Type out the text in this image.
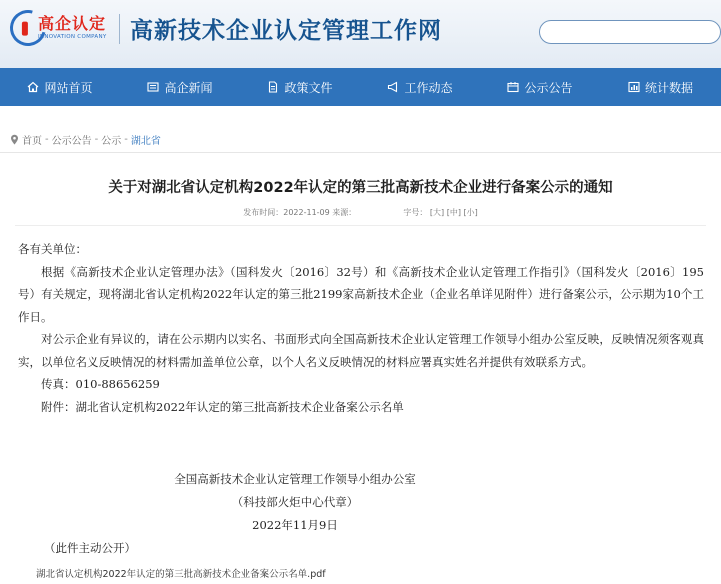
高企认定
INNOVATION COMPANY 高新技术企业认定管理工作网
网站首页	高企新闻	政策文件	工作动态	公示公告	统计数据
首页 - 公示公告 - 公示 - 湖北省
关于对湖北省认定机构2022年认定的第三批高新技术企业进行备案公示的通知
发布时间：2022-11-09 来源：	字号： [大] [中] [小]

各有关单位：

根据《高新技术企业认定管理办法》（国科发火〔2016〕32号）和《高新技术企业认定管理工作指引》（国科发火〔2016〕195号）有关规定，现将湖北省认定机构2022年认定的第三批2199家高新技术企业（企业名单详见附件）进行备案公示，公示期为10个工作日。

对公示企业有异议的，请在公示期内以实名、书面形式向全国高新技术企业认定管理工作领导小组办公室反映，反映情况须客观真实，以单位名义反映情况的材料需加盖单位公章，以个人名义反映情况的材料应署真实姓名并提供有效联系方式。

传真：010-88656259

附件：湖北省认定机构2022年认定的第三批高新技术企业备案公示名单

全国高新技术企业认定管理工作领导小组办公室
（科技部火炬中心代章）
2022年11月9日
（此件主动公开）
湖北省认定机构2022年认定的第三批高新技术企业备案公示名单.pdf
